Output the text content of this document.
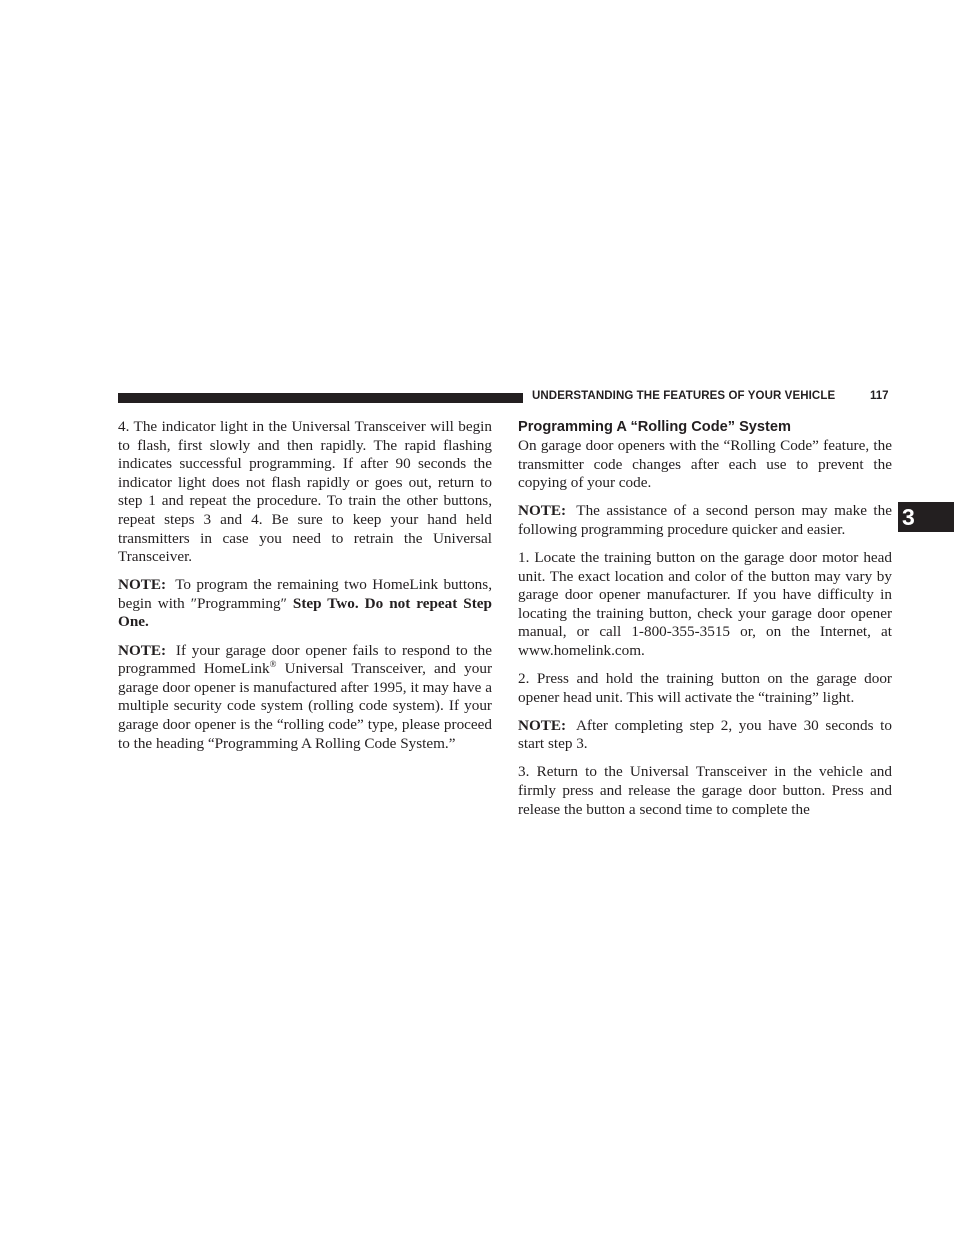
UNDERSTANDING THE FEATURES OF YOUR VEHICLE	117
3

4. The indicator light in the Universal Transceiver will begin to flash, first slowly and then rapidly. The rapid flashing indicates successful programming. If after 90 seconds the indicator light does not flash rapidly or goes out, return to step 1 and repeat the procedure. To train the other buttons, repeat steps 3 and 4. Be sure to keep your hand held transmitters in case you need to retrain the Universal Transceiver.

NOTE: To program the remaining two HomeLink buttons, begin with ″Programming″ Step Two. Do not repeat Step One.

NOTE: If your garage door opener fails to respond to the programmed HomeLink® Universal Transceiver, and your garage door opener is manufactured after 1995, it may have a multiple security code system (rolling code system). If your garage door opener is the “rolling code” type, please proceed to the heading “Programming A Rolling Code System.”

Programming A “Rolling Code” System

On garage door openers with the “Rolling Code” feature, the transmitter code changes after each use to prevent the copying of your code.

NOTE: The assistance of a second person may make the following programming procedure quicker and easier.

1. Locate the training button on the garage door motor head unit. The exact location and color of the button may vary by garage door opener manufacturer. If you have difficulty in locating the training button, check your garage door opener manual, or call 1-800-355-3515 or, on the Internet, at www.homelink.com.

2. Press and hold the training button on the garage door opener head unit. This will activate the “training” light.

NOTE: After completing step 2, you have 30 seconds to start step 3.

3. Return to the Universal Transceiver in the vehicle and firmly press and release the garage door button. Press and release the button a second time to complete the
